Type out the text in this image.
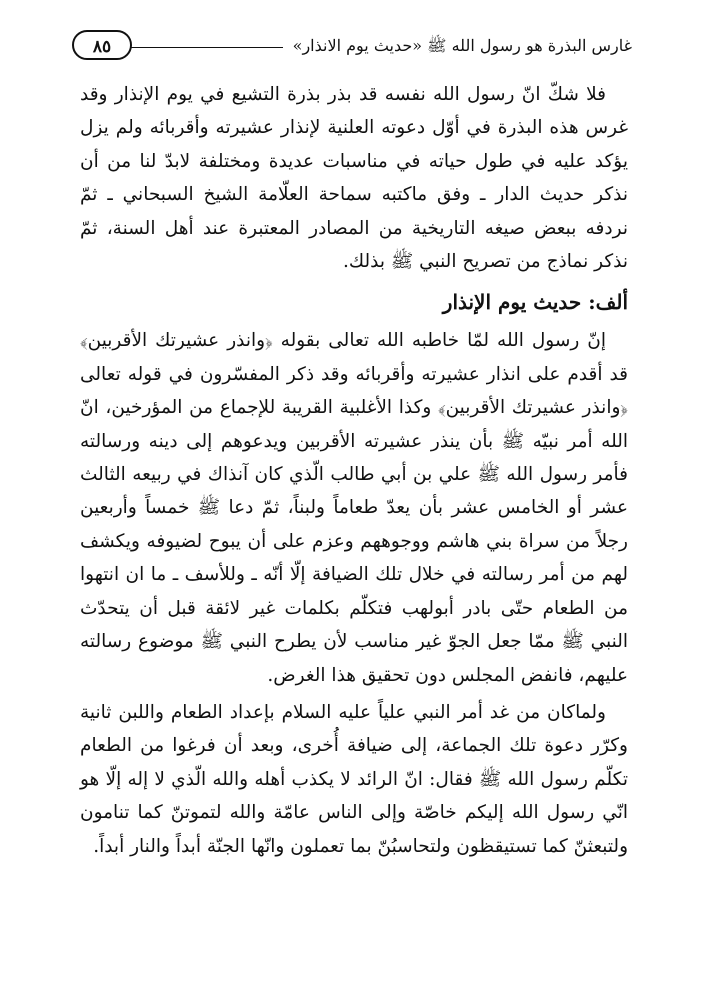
غارس البذرة هو رسول الله ﷺ «حديث يوم الانذار»
٨٥

فلا شكّ انّ رسول الله نفسه قد بذر بذرة التشيع في يوم الإنذار وقد غرس هذه البذرة في أوّل دعوته العلنية لإنذار عشيرته وأقربائه ولم يزل يؤكد عليه في طول حياته في مناسبات عديدة ومختلفة لابدّ لنا من أن نذكر حديث الدار ـ وفق ماكتبه سماحة العلّامة الشيخ السبحاني ـ ثمّ نردفه ببعض صيغه التاريخية من المصادر المعتبرة عند أهل السنة، ثمّ نذكر نماذج من تصريح النبي ﷺ بذلك.

ألف: حديث يوم الإنذار

إنّ رسول الله لمّا خاطبه الله تعالى بقوله ﴿وانذر عشيرتك الأقربين﴾ قد أقدم على انذار عشيرته وأقربائه وقد ذكر المفسّرون في قوله تعالى ﴿وانذر عشيرتك الأقربين﴾ وكذا الأغلبية القريبة للإجماع من المؤرخين، انّ الله أمر نبيّه ﷺ بأن ينذر عشيرته الأقربين ويدعوهم إلى دينه ورسالته فأمر رسول الله ﷺ علي بن أبي طالب الّذي كان آنذاك في ربيعه الثالث عشر أو الخامس عشر بأن يعدّ طعاماً ولبناً، ثمّ دعا ﷺ خمساً وأربعين رجلاً من سراة بني هاشم ووجوههم وعزم على أن يبوح لضيوفه ويكشف لهم من أمر رسالته في خلال تلك الضيافة إلّا أنّه ـ وللأسف ـ ما ان انتهوا من الطعام حتّى بادر أبولهب فتكلّم بكلمات غير لائقة قبل أن يتحدّث النبي ﷺ ممّا جعل الجوّ غير مناسب لأن يطرح النبي ﷺ موضوع رسالته عليهم، فانفض المجلس دون تحقيق هذا الغرض.

ولماكان من غد أمر النبي علياً عليه السلام بإعداد الطعام واللبن ثانية وكرّر دعوة تلك الجماعة، إلى ضيافة أُخرى، وبعد أن فرغوا من الطعام تكلّم رسول الله ﷺ فقال: انّ الرائد لا يكذب أهله والله الّذي لا إله إلّا هو انّي رسول الله إليكم خاصّة وإلى الناس عامّة والله لتموتنّ كما تنامون ولتبعثنّ كما تستيقظون ولتحاسبُنّ بما تعملون وانّها الجنّة أبداً والنار أبداً.
